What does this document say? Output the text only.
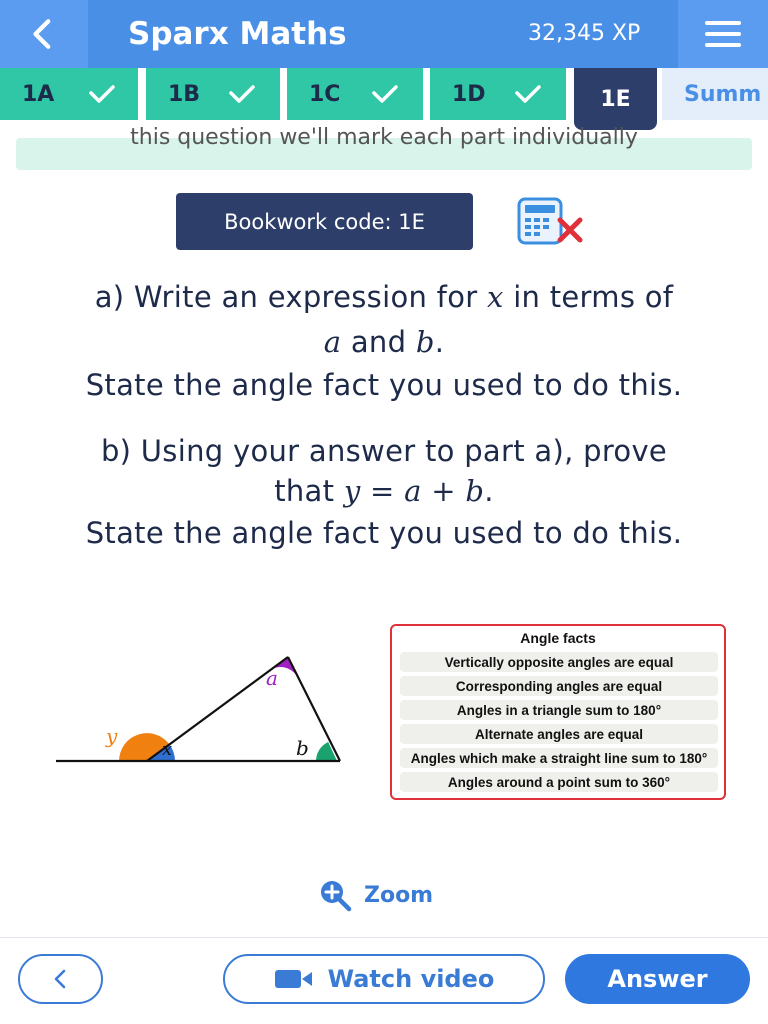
Sparx Maths	32,345 XP
1A	1B	1C	1D	1E Summ
this question we'll mark each part individually
Bookwork code: 1E
a) Write an expression for x in terms of
a and b.
State the angle fact you used to do this.
b) Using your answer to part a), prove
that y = a + b.
State the angle fact you used to do this.
a
b
x
y
Angle facts
Vertically opposite angles are equal
Corresponding angles are equal
Angles in a triangle sum to 180°
Alternate angles are equal
Angles which make a straight line sum to 180°
Angles around a point sum to 360°
Zoom
Watch video	Answer
